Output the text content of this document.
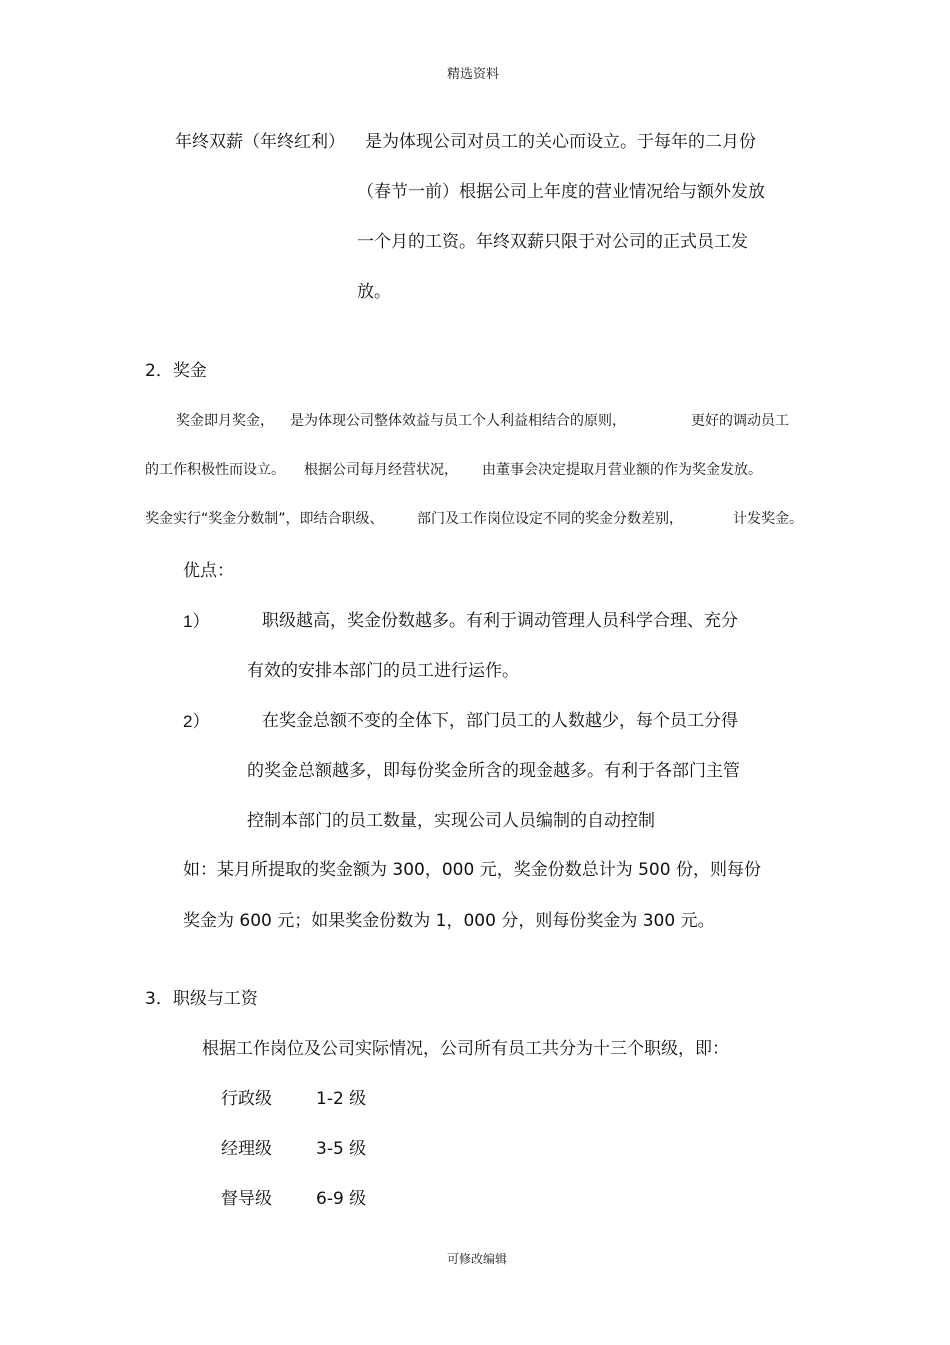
精选资料
年终双薪（年终红利） 是为体现公司对员工的关心而设立。于每年的二月份
（春节一前）根据公司上年度的营业情况给与额外发放
一个月的工资。年终双薪只限于对公司的正式员工发
放。
2．奖金
奖金即月奖金， 是为体现公司整体效益与员工个人利益相结合的原则，	更好的调动员工
的工作积极性而设立。 根据公司每月经营状况， 由董事会决定提取月营业额的作为奖金发放。
奖金实行“奖金分数制”，即结合职级、 部门及工作岗位设定不同的奖金分数差别，	计发奖金。
优点：
1）	职级越高，奖金份数越多。有利于调动管理人员科学合理、充分
有效的安排本部门的员工进行运作。
2）	在奖金总额不变的全体下，部门员工的人数越少，每个员工分得
的奖金总额越多，即每份奖金所含的现金越多。有利于各部门主管
控制本部门的员工数量，实现公司人员编制的自动控制
如：某月所提取的奖金额为 300，000 元，奖金份数总计为 500 份，则每份
奖金为 600 元；如果奖金份数为 1，000 分，则每份奖金为 300 元。
3．职级与工资
根据工作岗位及公司实际情况，公司所有员工共分为十三个职级，即：
行政级	1-2 级
经理级	3-5 级
督导级	6-9 级
可修改编辑
